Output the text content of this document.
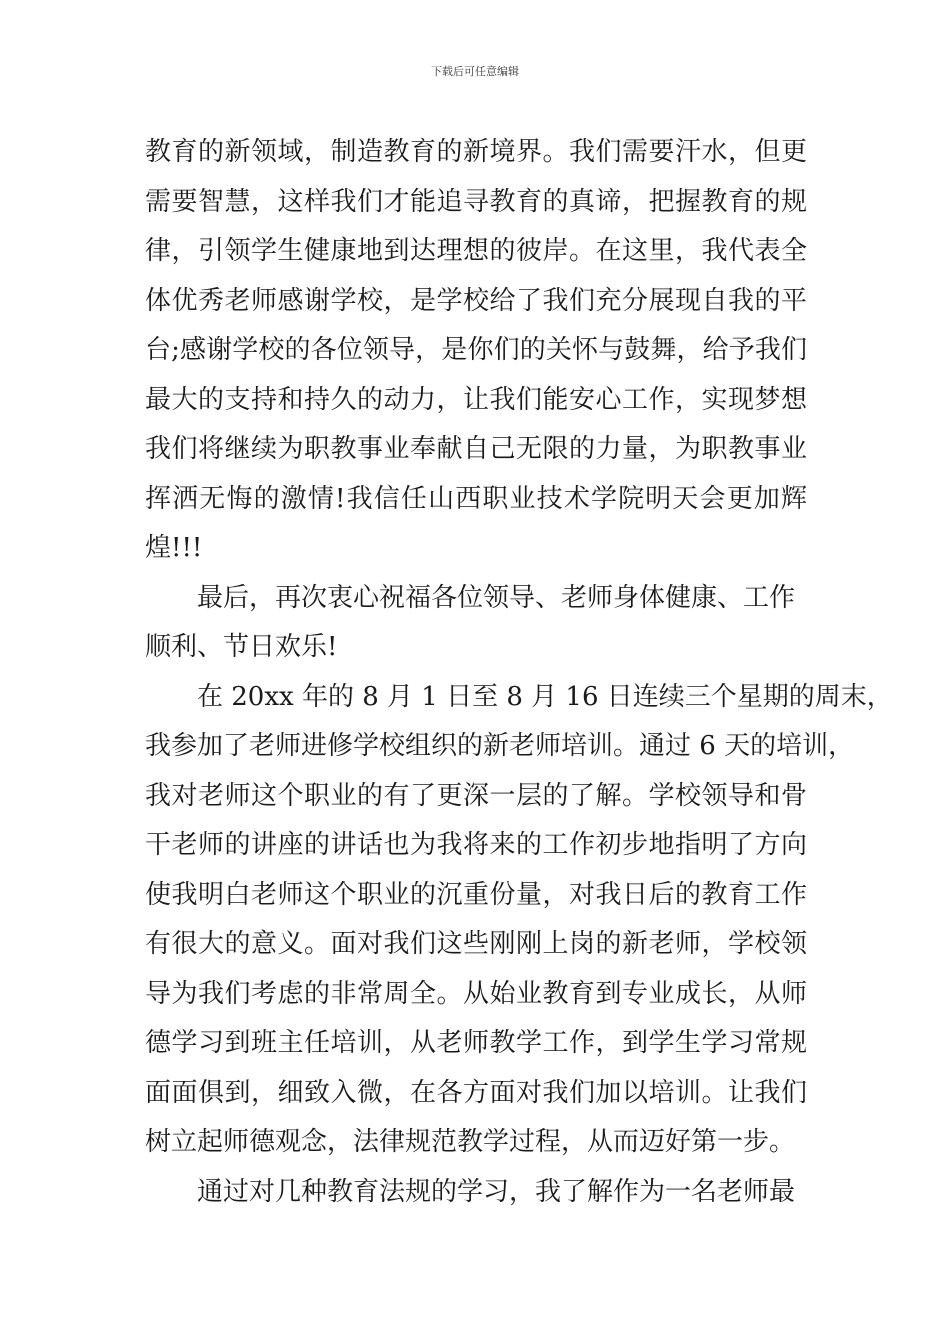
下载后可任意编辑
教育的新领域，制造教育的新境界。我们需要汗水，但更
需要智慧，这样我们才能追寻教育的真谛，把握教育的规
律，引领学生健康地到达理想的彼岸。在这里，我代表全
体优秀老师感谢学校，是学校给了我们充分展现自我的平
台;感谢学校的各位领导，是你们的关怀与鼓舞，给予我们
最大的支持和持久的动力，让我们能安心工作，实现梦想
我们将继续为职教事业奉献自己无限的力量，为职教事业
挥洒无悔的激情!我信任山西职业技术学院明天会更加辉
煌!!!
最后，再次衷心祝福各位领导、老师身体健康、工作
顺利、节日欢乐!
在 20xx 年的 8 月 1 日至 8 月 16 日连续三个星期的周末，
我参加了老师进修学校组织的新老师培训。通过 6 天的培训，
我对老师这个职业的有了更深一层的了解。学校领导和骨
干老师的讲座的讲话也为我将来的工作初步地指明了方向
使我明白老师这个职业的沉重份量，对我日后的教育工作
有很大的意义。面对我们这些刚刚上岗的新老师，学校领
导为我们考虑的非常周全。从始业教育到专业成长，从师
德学习到班主任培训，从老师教学工作，到学生学习常规
面面俱到，细致入微，在各方面对我们加以培训。让我们
树立起师德观念，法律规范教学过程，从而迈好第一步。
通过对几种教育法规的学习，我了解作为一名老师最
